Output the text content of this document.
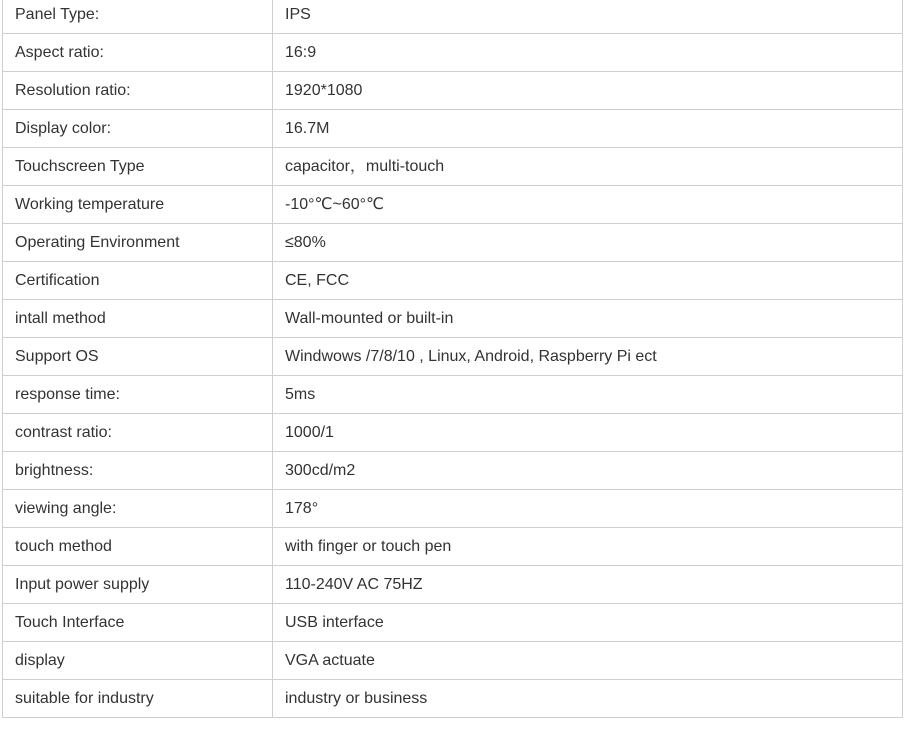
Panel Type:	IPS
Aspect ratio:	16:9
Resolution ratio:	1920*1080
Display color:	16.7M
Touchscreen Type	capacitor，multi-touch
Working temperature	-10°℃~60°℃
Operating Environment	≤80%
Certification	CE, FCC
intall method	Wall-mounted or built-in
Support OS	Windwows /7/8/10 , Linux, Android, Raspberry Pi ect
response time:	5ms
contrast ratio:	1000/1
brightness:	300cd/m2
viewing angle:	178°
touch method	with finger or touch pen
Input power supply	110-240V AC 75HZ
Touch Interface	USB interface
display	VGA actuate
suitable for industry	industry or business
